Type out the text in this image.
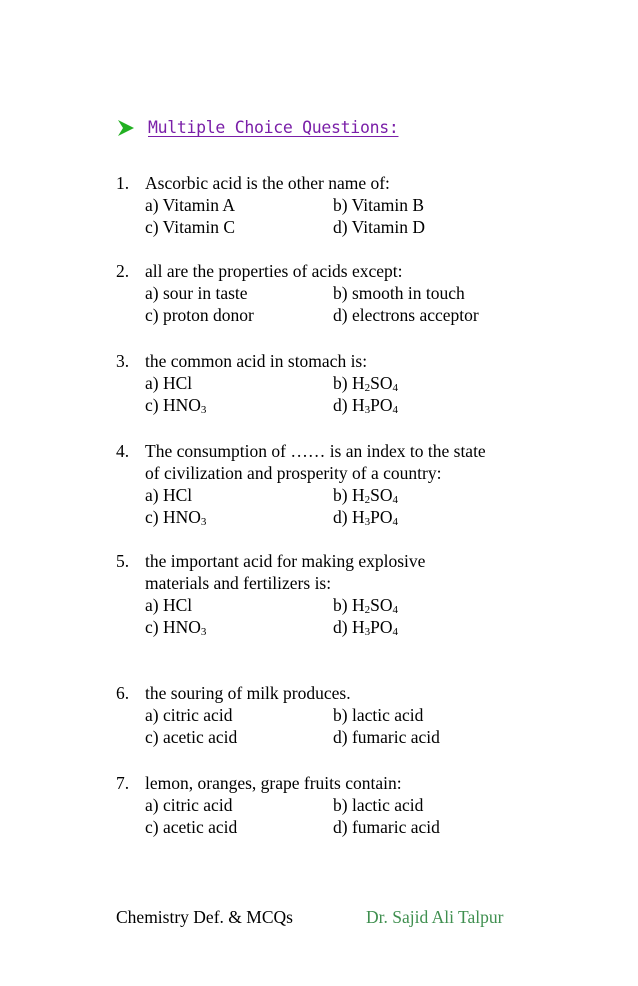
Multiple Choice Questions:
1. Ascorbic acid is the other name of:
a) Vitamin A	b) Vitamin B
c) Vitamin C	d) Vitamin D
2. all are the properties of acids except:
a) sour in taste	b) smooth in touch
c) proton donor	d) electrons acceptor
3. the common acid in stomach is:
a) HCl	b) $H_2SO_4$
c) $HNO_3$	d) $H_3PO_4$
4. The consumption of …… is an index to the state
of civilization and prosperity of a country:
a) HCl	b) $H_2SO_4$
c) $HNO_3$	d) $H_3PO_4$
5. the important acid for making explosive
materials and fertilizers is:
a) HCl	b) $H_2SO_4$
c) $HNO_3$	d) $H_3PO_4$
6. the souring of milk produces.
a) citric acid	b) lactic acid
c) acetic acid	d) fumaric acid
7. lemon, oranges, grape fruits contain:
a) citric acid	b) lactic acid
c) acetic acid	d) fumaric acid
Chemistry Def. & MCQs	Dr. Sajid Ali Talpur
